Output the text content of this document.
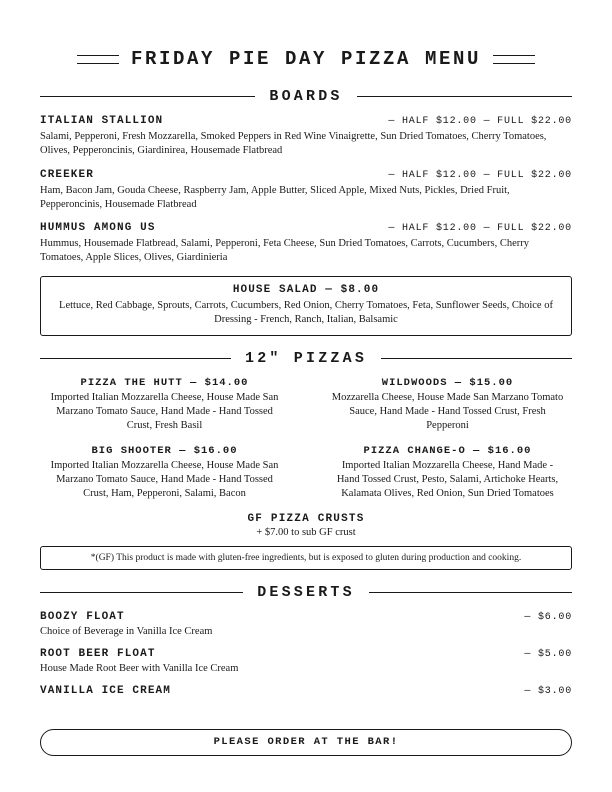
FRIDAY PIE DAY PIZZA MENU
BOARDS
ITALIAN STALLION	— HALF $12.00 — FULL $22.00
Salami, Pepperoni, Fresh Mozzarella, Smoked Peppers in Red Wine Vinaigrette, Sun Dried Tomatoes, Cherry Tomatoes, Olives, Pepperoncinis, Giardinirea, Housemade Flatbread
CREEKER	— HALF $12.00 — FULL $22.00
Ham, Bacon Jam, Gouda Cheese, Raspberry Jam, Apple Butter, Sliced Apple, Mixed Nuts, Pickles, Dried Fruit, Pepperoncinis, Housemade Flatbread
HUMMUS AMONG US	— HALF $12.00 — FULL $22.00
Hummus, Housemade Flatbread, Salami, Pepperoni, Feta Cheese, Sun Dried Tomatoes, Carrots, Cucumbers, Cherry Tomatoes, Apple Slices, Olives, Giardinieria
HOUSE SALAD — $8.00
Lettuce, Red Cabbage, Sprouts, Carrots, Cucumbers, Red Onion, Cherry Tomatoes, Feta, Sunflower Seeds, Choice of Dressing - French, Ranch, Italian, Balsamic
12" PIZZAS
PIZZA THE HUTT — $14.00
Imported Italian Mozzarella Cheese, House Made San Marzano Tomato Sauce, Hand Made - Hand Tossed Crust, Fresh Basil
WILDWOODS — $15.00
Mozzarella Cheese, House Made San Marzano Tomato Sauce, Hand Made - Hand Tossed Crust, Fresh Pepperoni
BIG SHOOTER — $16.00
Imported Italian Mozzarella Cheese, House Made San Marzano Tomato Sauce, Hand Made - Hand Tossed Crust, Ham, Pepperoni, Salami, Bacon
PIZZA CHANGE-O — $16.00
Imported Italian Mozzarella Cheese, Hand Made - Hand Tossed Crust, Pesto, Salami, Artichoke Hearts, Kalamata Olives, Red Onion, Sun Dried Tomatoes
GF PIZZA CRUSTS
+ $7.00 to sub GF crust
*(GF) This product is made with gluten-free ingredients, but is exposed to gluten during production and cooking.
DESSERTS
BOOZY FLOAT	— $6.00
Choice of Beverage in Vanilla Ice Cream
ROOT BEER FLOAT	— $5.00
House Made Root Beer with Vanilla Ice Cream
VANILLA ICE CREAM	— $3.00
PLEASE ORDER AT THE BAR!
